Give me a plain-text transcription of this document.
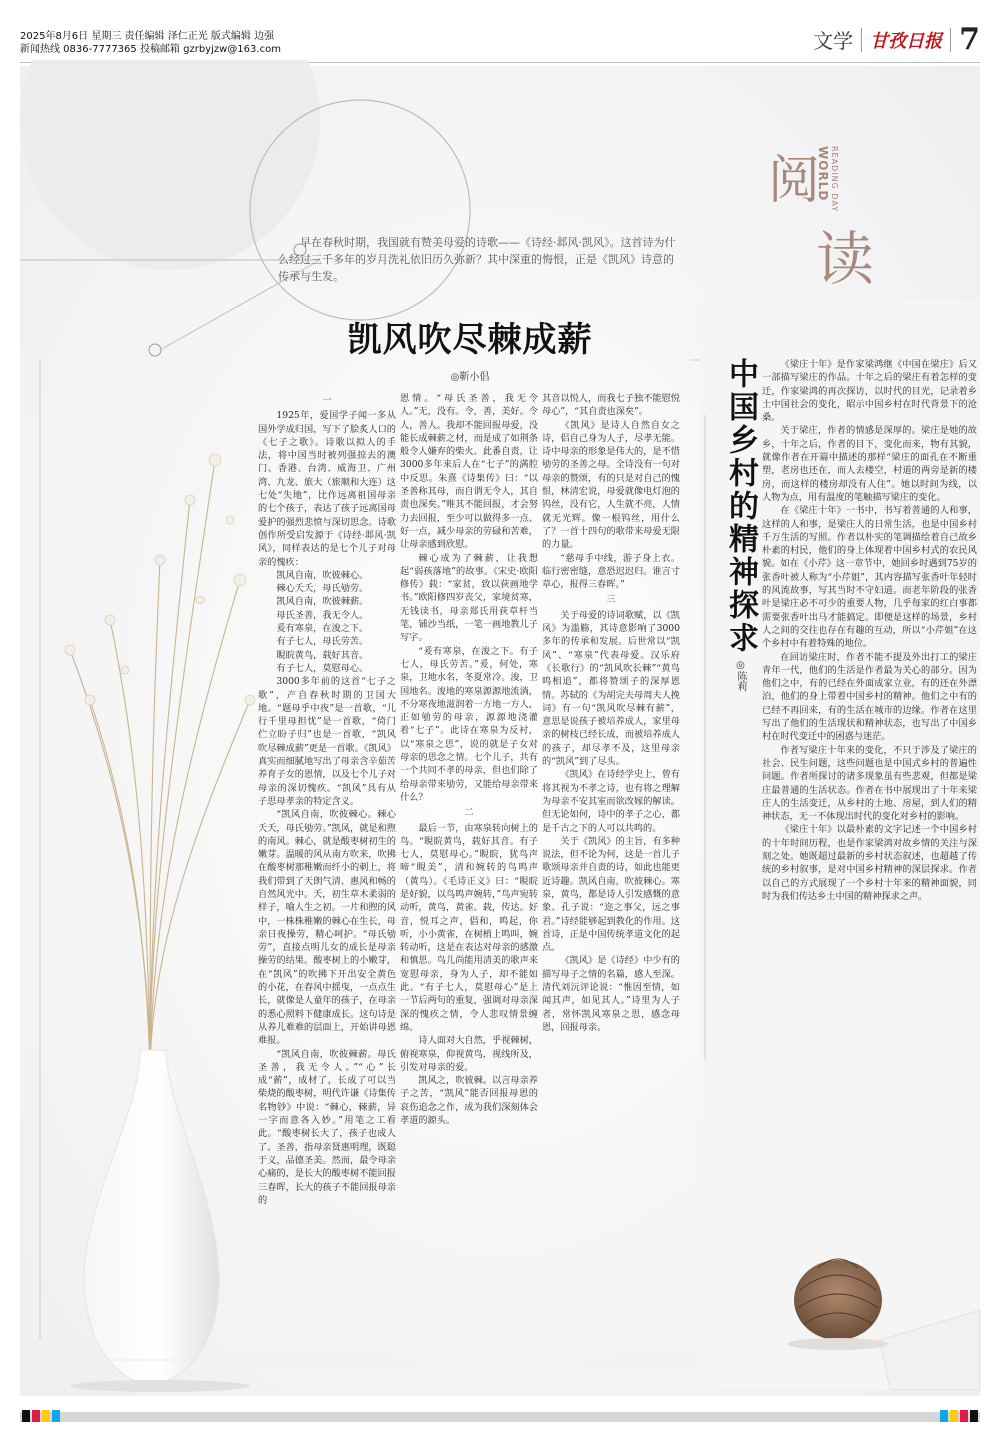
2025年8月6日 星期三 责任编辑 泽仁正光 版式编辑 边强
新闻热线 0836-7777365 投稿邮箱 gzrbyjzw@163.com	文学 甘孜日报 7
阅
WORLD READING DAY
读
早在春秋时期，我国就有赞美母爱的诗歌——《诗经·邶风·凯风》。这首诗为什么经过三千多年的岁月洗礼依旧历久弥新？其中深重的悔恨，正是《凯风》诗意的传承与生发。
凯风吹尽棘成薪
◎靳小倡

一

1925年，爱国学子闻一多从国外学成归国，写下了脍炙人口的《七子之歌》。诗歌以拟人的手法，将中国当时被列强掠去的澳门、香港、台湾、威海卫、广州湾、九龙、旅大（旅顺和大连）这七处“失地”，比作远离祖国母亲的七个孩子，表达了孩子远离国母爱护的强烈悲愤与深切思念。诗歌创作所受启发源于《诗经·邶风·凯风》，同样表达的是七个儿子对母亲的愧疚：

凯风自南，吹彼棘心。

棘心夭夭，母氏劬劳。

凯风自南，吹彼棘薪。

母氏圣善，我无令人。

爰有寒泉，在浚之下。

有子七人，母氏劳苦。

睍睆黄鸟，载好其音。

有子七人，莫慰母心。

3000多年前的这首“七子之歌”，产自春秋时期的卫国大地。“题母乎中夜”是一首歌，“儿行千里母担忧”是一首歌，“倚门伫立盼子归”也是一首歌，“凯风吹尽棘成薪”更是一首歌。《凯风》真实而细腻地写出了母亲含辛茹苦养育子女的恩情，以及七个儿子对母亲的深切愧疚。“凯风”具有从子思母孝亲的特定含义。

“凯风自南，吹彼棘心。棘心夭夭，母氏劬劳。”凯风，就是和煦的南风。棘心，就是酸枣树初生的嫩芽。温暖的风从南方吹来，吹拂在酸枣树那稚嫩而纤小的刺上，将我们带到了天朗气清、惠风和畅的自然风光中。夭，初生草木柔弱的样子，喻人生之初。一片和煦的风中，一株株稚嫩的棘心在生长，母亲日夜操劳，精心呵护。“母氏劬劳”，直接点明儿女的成长是母亲操劳的结果。酸枣树上的小嫩芽，在“凯风”的吹拂下开出安全黄色的小花，在春风中摇曳，一点点生长，就像是人童年的孩子，在母亲的悉心照料下健康成长。这句诗是从养儿难难的层面上，开始讲母恩难报。

“凯风自南，吹彼棘薪。母氏圣善，我无令人。”“心”长成“薪”，成材了，长成了可以当柴烧的酸枣树，明代许谦《诗集传名物钞》中说：“棘心，棘薪，异一字而意各入妙。”用笔之工看此。“酸枣树长大了，孩子也成人了。圣善，指母亲贤惠明理，既聪于义，品德圣美。然而，最令母亲心痛的，是长大的酸枣树不能回报三春晖，长大的孩子不能回报母亲的

恩情。“母氏圣善，我无令人。”无，没有。令，善，美好。令人，善人。我却不能回报母爱，没能长成棘薪之材，而是成了如荆条般令人嫌弃的柴火。此番自责，让3000多年来后人在“七子”的满腔中反思。朱熹《诗集传》曰：“以圣善称其母，而自谓无令人，其自责也深矣。”唯其不能回报，才会努力去回报，至少可以做得多一点、好一点，减少母亲的劳碌和苦难，让母亲感到欣慰。

棘心成为了棘薪，让我想起“弱孩落地”的故事。《宋史·欧阳修传》载：“家贫，致以荻画地学书。”欧阳修四岁丧父，家境贫寒，无钱读书，母亲郑氏用荻草杆当笔，铺沙当纸，一笔一画地教儿子写字。

“爰有寒泉，在浚之下。有子七人，母氏劳苦。”爰，何处，寒泉，卫地水名，冬夏常冷。浚，卫国地名。浚地的寒泉源源地流淌，不分寒夜地滋润着一方地一方人，正如劬劳的母亲，源源地浇灌着“七子”。此诗在寒泉为反衬，以“寒泉之思”，说的就是子女对母亲的思念之情。七个儿子，共有一个共同不孝的母亲，但也们除了给母亲带来劬劳，又能给母亲带来什么？

二

最后一节，由寒泉转向树上的鸟。“睍睆黄鸟，载好其音。有子七人，莫慰母心。”睍睆，犹鸟声啼“睍美”，清和婉转的鸟鸣声（黄鸟）。《毛诗正义》曰：“睍睆是好貌，以鸟鸣声婉转，”鸟声宛转动听，黄鸟，黄雀。载，传达。好音，悦耳之声，倡和，鸣起，你听，小小黄雀，在树梢上鸣叫，婉转动听，这是在表达对母亲的感激和慎思。鸟儿尚能用清美的歌声来宽慰母亲，身为人子，却不能如此。“有子七人，莫慰母心”是上一节后两句的重复，强调对母亲深深的愧疚之情，令人悲叹情景缠绵。

诗人面对大自然，乎视棘树，俯视寒泉，仰视黄鸟，视线所及，引发对母亲的爱。

凯风之，吹彼棘。以言母亲养子之苦，“凯风”能否回报母恩的哀伤追念之作，成为我们深刻体会孝道的源头。

其音以悦人，而我七子独不能慰悦母心”，“其自责也深矣”。

《凯风》是诗人自然自女之诗，侣自己身为人子，尽孝无能。诗中母亲的形象是伟大的，是不惜劬劳的圣善之母。全诗没有一句对母亲的赞颂，有的只是对自己的愧恨，林清宏说，母爱就像电灯泡的钨丝，没有它，人生就不亮，人情就无光辉。像一根钨丝，用什么了？一首十四句的歌带来母爱无限的力量。

“慈母手中线，游子身上衣。临行密密缝，意恐迟迟归。谁言寸草心，报得三春晖。”

三

关于母爱的诗词歌赋，以《凯风》为滥觞，其诗意影响了3000多年的传承和发展。后世常以“凯风”、“寒泉”代表母爱。汉乐府《长歌行》的“凯风吹长棘”“黄鸟鸣相追”，都将赞颂子的深厚恩情。苏轼的《为胡完夫母周夫人挽词》有一句“凯风吹尽棘有薪”，意思是说孩子被培养成人，家里母亲的树枝已经长成，而被培养成人的孩子，却尽孝不及，这里母亲的“凯风”到了尽头。

《凯风》在诗经学史上，曾有将其视为不孝之诗，也有将之理解为母亲不安其室而欲改嫁的解读。但无论如何，诗中的孝子之心，都是千古之下的人可以共鸣的。

关于《凯风》的主旨，有多种说法，但不论为何，这是一首儿子歌颂母亲并自责的诗，如此也能更近诗趣。凯风自南，吹彼棘心。寒泉，黄鸟，都是诗人引发感慨的意象。孔子说：“迩之事父，远之事君。”诗经能够起到教化的作用。这首诗，正是中国传统孝道文化的起点。

《凯风》是《诗经》中少有的描写母子之情的名篇，感人至深。清代刘沅评论说：“惟因至情，如闻其声，如见其人。”诗里为人子者，常怀凯风寒泉之思，感念母恩，回报母亲。

中国乡村的精神探求
◎陈莉

《梁庄十年》是作家梁鸿继《中国在梁庄》后又一部描写梁庄的作品。十年之后的梁庄有着怎样的变迁，作家梁鸿的再次探访，以时代的目光，记录着乡土中国社会的变化，昭示中国乡村在时代背景下的沧桑。

关于梁庄，作者的情感是深厚的。梁庄是她的故乡，十年之后，作者的目下，变化而来，物有其貌，就像作者在开篇中描述的那样“梁庄的面孔在不断重塑，老房也还在，而人去楼空，村道的两旁是新的楼房，而这样的楼房却没有人住”。她以时间为线，以人物为点，用有温度的笔触描写梁庄的变化。

在《梁庄十年》一书中，书写着普通的人和事，这样的人和事，是梁庄人的日常生活，也是中国乡村千万生活的写照。作者以朴实的笔调描绘着自己故乡朴素的村民，他们的身上体现着中国乡村式的农民风貌。如在《小芹》这一章节中，她回乡时遇到75岁的张香叶被人称为“小芹姐”，其内容描写张香叶年轻时的风流故事，写其当时不守妇道。而老年阶段的张香叶是梁庄必不可少的重要人物，几乎每家的红白事都需要张香叶出马才能搞定。即便是这样的场景，乡村人之间的交往也存在有趣的互动，所以“小芹姐”在这个乡村中有着特殊的地位。

在回访梁庄时，作者不能不提及外出打工的梁庄青年一代，他们的生活是作者最为关心的部分。因为他们之中，有的已经在外面成家立业，有的还在外漂泊，他们的身上带着中国乡村的精神。他们之中有的已经不再回来，有的生活在城市的边缘。作者在这里写出了他们的生活现状和精神状态，也写出了中国乡村在时代变迁中的困惑与迷茫。

作者写梁庄十年来的变化，不只于涉及了梁庄的社会、民生问题，这些问题也是中国式乡村的普遍性问题。作者所探讨的诸多现象虽有些悲观，但都是梁庄最普通的生活状态。作者在书中展现出了十年来梁庄人的生活变迁，从乡村的土地、房屋，到人们的精神状态，无一不体现出时代的变化对乡村的影响。

《梁庄十年》以最朴素的文字记述一个中国乡村的十年时间历程，也是作家梁鸿对故乡情的关注与深刻之处。她既超过最新的乡村状态叙述，也超越了传统的乡村叙事，是对中国乡村精神的深层探求。作者以自己的方式展现了一个乡村十年来的精神面貌，同时为我们传达乡土中国的精神探求之声。
